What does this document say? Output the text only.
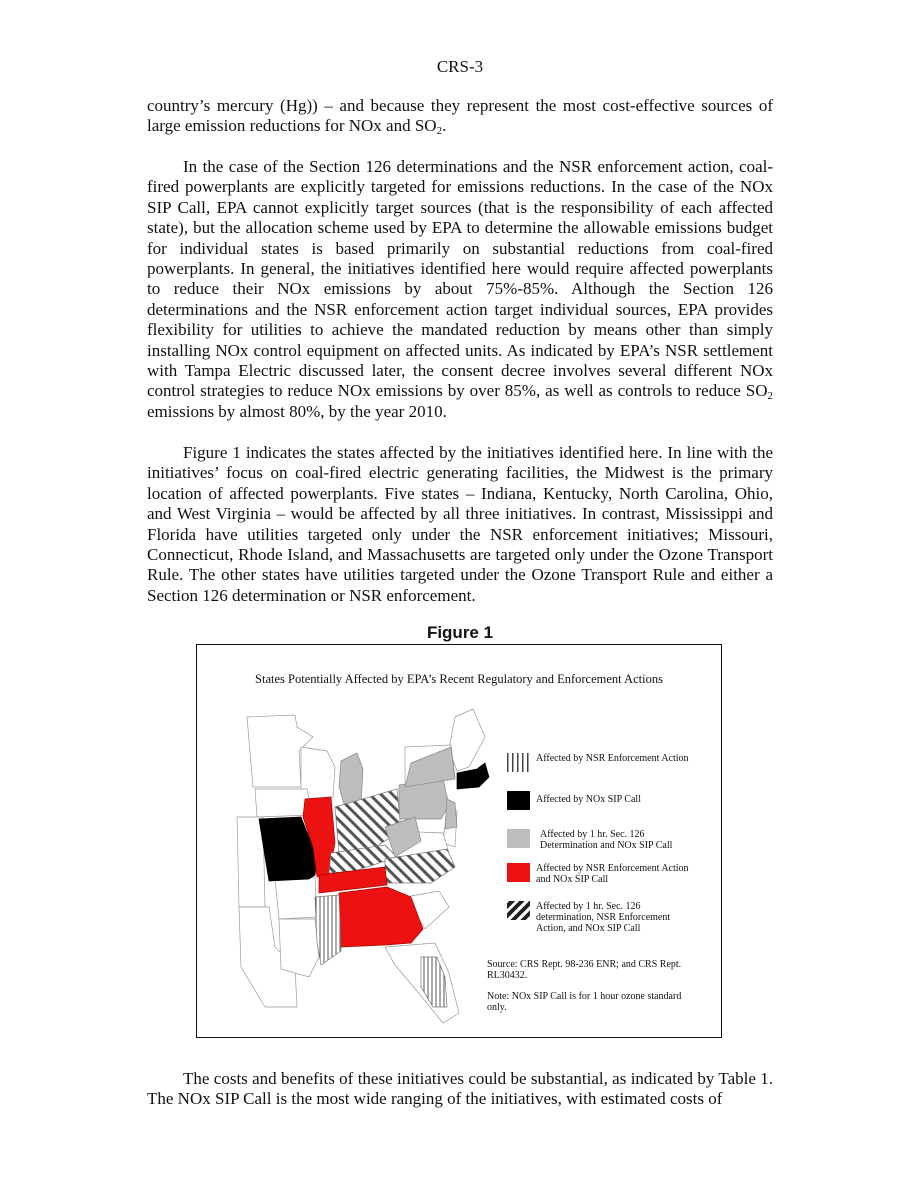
CRS-3

country’s mercury (Hg)) – and because they represent the most cost-effective sources of large emission reductions for NOx and $SO_2$.

In the case of the Section 126 determinations and the NSR enforcement action, coal-fired powerplants are explicitly targeted for emissions reductions. In the case of the NOx SIP Call, EPA cannot explicitly target sources (that is the responsibility of each affected state), but the allocation scheme used by EPA to determine the allowable emissions budget for individual states is based primarily on substantial reductions from coal-fired powerplants. In general, the initiatives identified here would require affected powerplants to reduce their NOx emissions by about 75%-85%. Although the Section 126 determinations and the NSR enforcement action target individual sources, EPA provides flexibility for utilities to achieve the mandated reduction by means other than simply installing NOx control equipment on affected units. As indicated by EPA’s NSR settlement with Tampa Electric discussed later, the consent decree involves several different NOx control strategies to reduce NOx emissions by over 85%, as well as controls to reduce $SO_2$ emissions by almost 80%, by the year 2010.

Figure 1 indicates the states affected by the initiatives identified here. In line with the initiatives’ focus on coal-fired electric generating facilities, the Midwest is the primary location of affected powerplants. Five states – Indiana, Kentucky, North Carolina, Ohio, and West Virginia – would be affected by all three initiatives. In contrast, Mississippi and Florida have utilities targeted only under the NSR enforcement initiatives; Missouri, Connecticut, Rhode Island, and Massachusetts are targeted only under the Ozone Transport Rule. The other states have utilities targeted under the Ozone Transport Rule and either a Section 126 determination or NSR enforcement.

Figure 1
States Potentially Affected by EPA’s Recent Regulatory and Enforcement Actions
Affected by NSR Enforcement Action
Affected by NOx SIP Call
Affected by 1 hr. Sec. 126 Determination and NOx SIP Call
Affected by NSR Enforcement Action and NOx SIP Call
Affected by 1 hr. Sec. 126 determination, NSR Enforcement Action, and NOx SIP Call
Source: CRS Rept. 98-236 ENR; and CRS Rept. RL30432.
Note: NOx SIP Call is for 1 hour ozone standard only.

The costs and benefits of these initiatives could be substantial, as indicated by Table 1. The NOx SIP Call is the most wide ranging of the initiatives, with estimated costs of
